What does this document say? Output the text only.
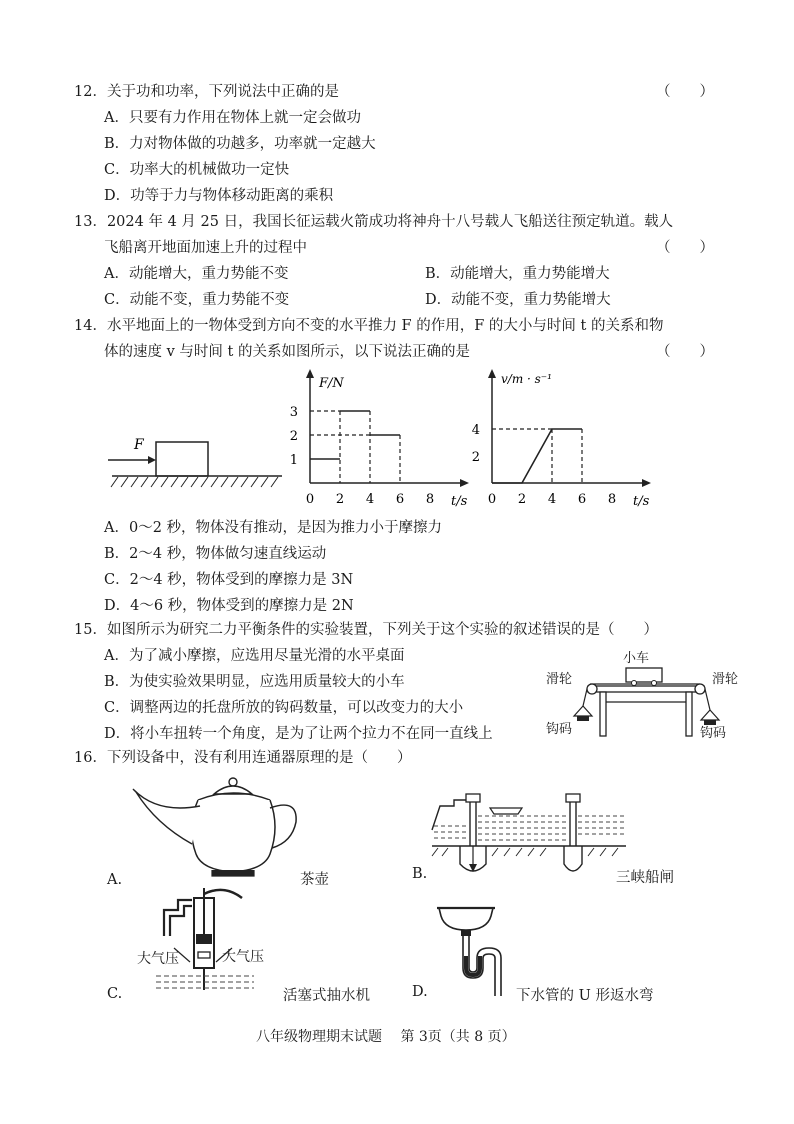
12．关于功和功率，下列说法中正确的是	（　　）
A．只要有力作用在物体上就一定会做功
B．力对物体做的功越多，功率就一定越大
C．功率大的机械做功一定快
D．功等于力与物体移动距离的乘积
13．2024 年 4 月 25 日，我国长征运载火箭成功将神舟十八号载人飞船送往预定轨道。载人
飞船离开地面加速上升的过程中	（　　）
A．动能增大，重力势能不变	B．动能增大，重力势能增大
C．动能不变，重力势能不变	D．动能不变，重力势能增大
14．水平地面上的一物体受到方向不变的水平推力 F 的作用，F 的大小与时间 t 的关系和物
体的速度 v 与时间 t 的关系如图所示，以下说法正确的是	（　　）
F
F/N
t/s
1
2
3
0 2 4 6 8
v/m · s⁻¹
t/s
2
4
0 2 4 6 8
A．0～2 秒，物体没有推动，是因为推力小于摩擦力
B．2～4 秒，物体做匀速直线运动
C．2～4 秒，物体受到的摩擦力是 3N
D．4～6 秒，物体受到的摩擦力是 2N
15．如图所示为研究二力平衡条件的实验装置，下列关于这个实验的叙述错误的是（　　）
A．为了减小摩擦，应选用尽量光滑的水平桌面
B．为使实验效果明显，应选用质量较大的小车
C．调整两边的托盘所放的钩码数量，可以改变力的大小
D．将小车扭转一个角度，是为了让两个拉力不在同一直线上
小车
滑轮	滑轮
钩码	钩码
16．下列设备中，没有利用连通器原理的是（　　）
A.	茶壶	B.	三峡船闸
大气压	大气压
C.	活塞式抽水机	D.	下水管的 U 形返水弯
八年级物理期末试题　 第 3页（共 8 页）
